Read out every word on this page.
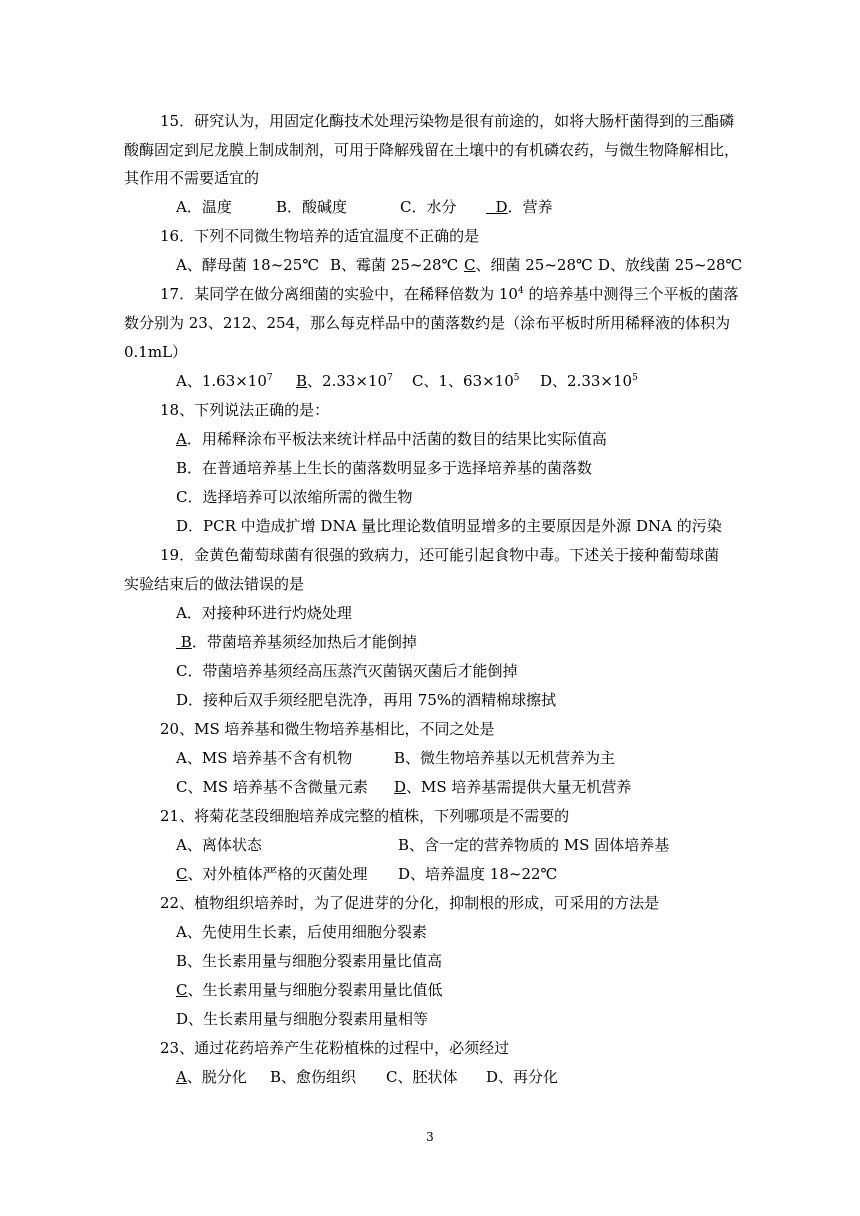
15．研究认为，用固定化酶技术处理污染物是很有前途的，如将大肠杆菌得到的三酯磷
酸酶固定到尼龙膜上制成制剂，可用于降解残留在土壤中的有机磷农药，与微生物降解相比，
其作用不需要适宜的
A．温度	B．酸碱度	C．水分	D．营养
16．下列不同微生物培养的适宜温度不正确的是
A、酵母菌 18~25℃ B、霉菌 25~28℃ C、细菌 25~28℃ D、放线菌 25~28℃
17．某同学在做分离细菌的实验中，在稀释倍数为 $10^4$ 的培养基中测得三个平板的菌落
数分别为 23、212、254，那么每克样品中的菌落数约是（涂布平板时所用稀释液的体积为
0.1mL）
A、$1.63\times 10^7$ B、$2.33\times 10^7$ C、1、$63\times 10^5$ D、$2.33\times 10^5$
18、下列说法正确的是：
A．用稀释涂布平板法来统计样品中活菌的数目的结果比实际值高
B．在普通培养基上生长的菌落数明显多于选择培养基的菌落数
C．选择培养可以浓缩所需的微生物
D．PCR 中造成扩增 DNA 量比理论数值明显增多的主要原因是外源 DNA 的污染
19．金黄色葡萄球菌有很强的致病力，还可能引起食物中毒。下述关于接种葡萄球菌
实验结束后的做法错误的是
A．对接种环进行灼烧处理
B．带菌培养基须经加热后才能倒掉
C．带菌培养基须经高压蒸汽灭菌锅灭菌后才能倒掉
D．接种后双手须经肥皂洗净，再用 75%的酒精棉球擦拭
20、MS 培养基和微生物培养基相比，不同之处是
A、MS 培养基不含有机物	B、微生物培养基以无机营养为主
C、MS 培养基不含微量元素 D、MS 培养基需提供大量无机营养
21、将菊花茎段细胞培养成完整的植株，下列哪项是不需要的
A、离体状态	B、含一定的营养物质的 MS 固体培养基
C、对外植体严格的灭菌处理 D、培养温度 18~22℃
22、植物组织培养时，为了促进芽的分化，抑制根的形成，可采用的方法是
A、先使用生长素，后使用细胞分裂素
B、生长素用量与细胞分裂素用量比值高
C、生长素用量与细胞分裂素用量比值低
D、生长素用量与细胞分裂素用量相等
23、通过花药培养产生花粉植株的过程中，必须经过
A、脱分化 B、愈伤组织 C、胚状体 D、再分化
3
